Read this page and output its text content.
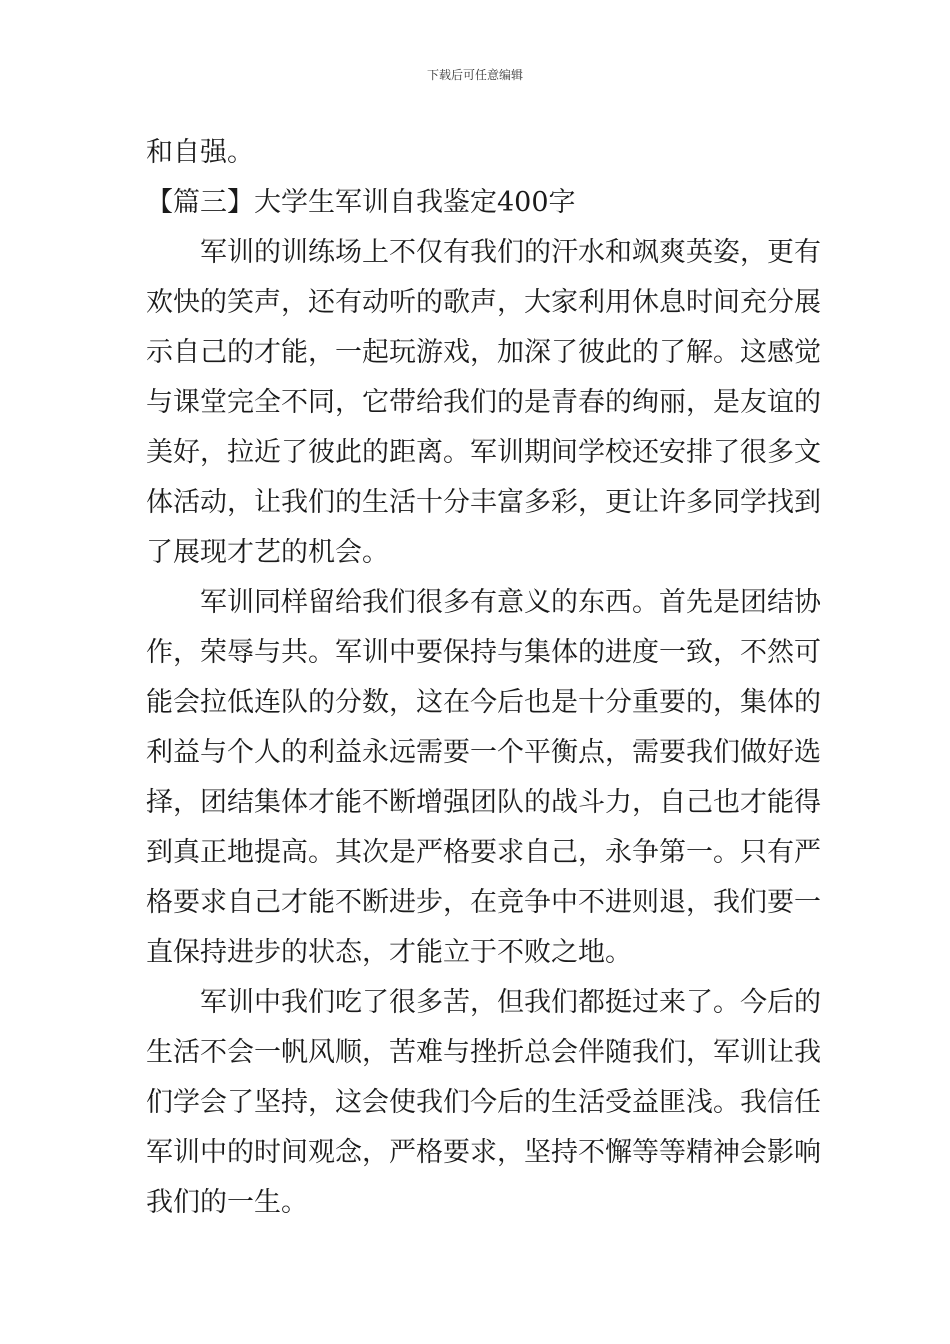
下载后可任意编辑
和自强。
【篇三】大学生军训自我鉴定400字
军训的训练场上不仅有我们的汗水和飒爽英姿，更有
欢快的笑声，还有动听的歌声，大家利用休息时间充分展
示自己的才能，一起玩游戏，加深了彼此的了解。这感觉
与课堂完全不同，它带给我们的是青春的绚丽，是友谊的
美好，拉近了彼此的距离。军训期间学校还安排了很多文
体活动，让我们的生活十分丰富多彩，更让许多同学找到
了展现才艺的机会。
军训同样留给我们很多有意义的东西。首先是团结协
作，荣辱与共。军训中要保持与集体的进度一致，不然可
能会拉低连队的分数，这在今后也是十分重要的，集体的
利益与个人的利益永远需要一个平衡点，需要我们做好选
择，团结集体才能不断增强团队的战斗力，自己也才能得
到真正地提高。其次是严格要求自己，永争第一。只有严
格要求自己才能不断进步，在竞争中不进则退，我们要一
直保持进步的状态，才能立于不败之地。
军训中我们吃了很多苦，但我们都挺过来了。今后的
生活不会一帆风顺，苦难与挫折总会伴随我们，军训让我
们学会了坚持，这会使我们今后的生活受益匪浅。我信任
军训中的时间观念，严格要求，坚持不懈等等精神会影响
我们的一生。
